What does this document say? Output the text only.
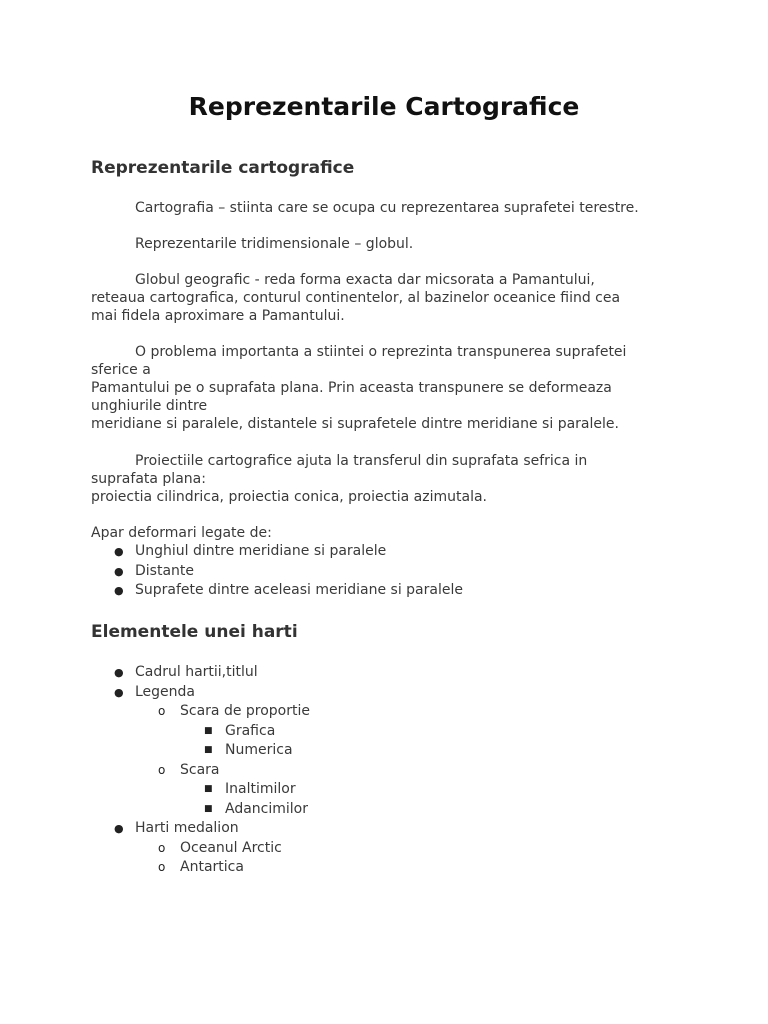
Reprezentarile Cartografice
Reprezentarile cartografice

Cartografia – stiinta care se ocupa cu reprezentarea suprafetei terestre.

Reprezentarile tridimensionale – globul.

Globul geografic - reda forma exacta dar micsorata a Pamantului,
reteaua cartografica, conturul continentelor, al bazinelor oceanice fiind cea
mai fidela aproximare a Pamantului.

O problema importanta a stiintei o reprezinta transpunerea suprafetei
sferice a
Pamantului pe o suprafata plana. Prin aceasta transpunere se deformeaza
unghiurile dintre
meridiane si paralele, distantele si suprafetele dintre meridiane si paralele.

Proiectiile cartografice ajuta la transferul din suprafata sefrica in
suprafata plana:
proiectia cilindrica, proiectia conica, proiectia azimutala.

Apar deformari legate de:

● Unghiul dintre meridiane si paralele
● Distante
● Suprafete dintre aceleasi meridiane si paralele
Elementele unei harti
● Cadrul hartii,titlul
● Legenda
o Scara de proportie
■ Grafica
■ Numerica
o Scara
■ Inaltimilor
■ Adancimilor
● Harti medalion
o Oceanul Arctic
o Antartica
